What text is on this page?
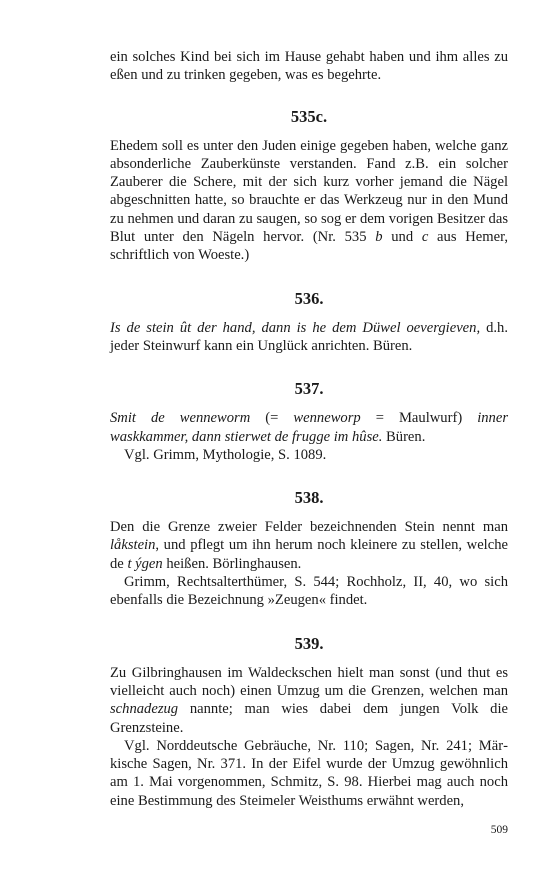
ein solches Kind bei sich im Hause gehabt haben und ihm alles zu eßen und zu trinken gegeben, was es begehrte.

535c.

Ehedem soll es unter den Juden einige gegeben haben, welche ganz absonderliche Zauberkünste verstanden. Fand z.B. ein solcher Zauberer die Schere, mit der sich kurz vorher jemand die Nägel abgeschnitten hatte, so brauchte er das Werkzeug nur in den Mund zu nehmen und daran zu saugen, so sog er dem vorigen Besitzer das Blut unter den Nägeln hervor. (Nr. 535 b und c aus Hemer, schriftlich von Woeste.)

536.

Is de stein ût der hand, dann is he dem Düwel oevergieven, d.h. jeder Steinwurf kann ein Unglück anrichten. Büren.

537.

Smit de wenneworm (= wenneworp = Maulwurf) inner waskkammer, dann stierwet de frugge im hûse. Büren.

Vgl. Grimm, Mythologie, S. 1089.

538.

Den die Grenze zweier Felder bezeichnenden Stein nennt man låkstein, und pflegt um ihn herum noch kleinere zu stellen, welche de t ýgen heißen. Börlinghausen.

Grimm, Rechtsalterthümer, S. 544; Rochholz, II, 40, wo sich ebenfalls die Bezeichnung »Zeugen« findet.

539.

Zu Gilbringhausen im Waldeckschen hielt man sonst (und thut es vielleicht auch noch) einen Umzug um die Grenzen, welchen man schnadezug nannte; man wies dabei dem jungen Volk die Grenzsteine.

Vgl. Norddeutsche Gebräuche, Nr. 110; Sagen, Nr. 241; Märkische Sagen, Nr. 371. In der Eifel wurde der Umzug gewöhnlich am 1. Mai vorgenommen, Schmitz, S. 98. Hierbei mag auch noch eine Bestimmung des Steimeler Weisthums erwähnt werden,

509
